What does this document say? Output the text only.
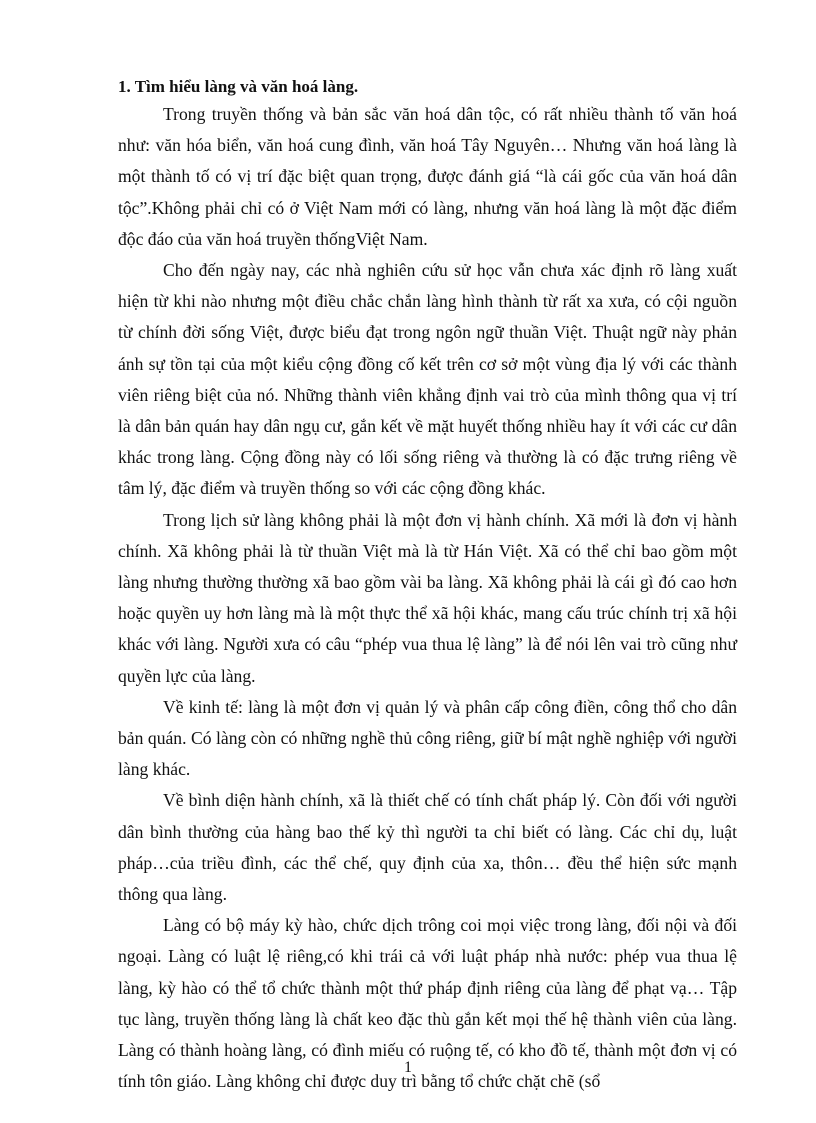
1. Tìm hiểu làng và văn hoá làng.

Trong truyền thống và bản sắc văn hoá dân tộc, có rất nhiều thành tố văn hoá như: văn hóa biển, văn hoá cung đình, văn hoá Tây Nguyên… Nhưng văn hoá làng là một thành tố có vị trí đặc biệt quan trọng, được đánh giá “là cái gốc của văn hoá dân tộc”.Không phải chỉ có ở Việt Nam mới có làng, nhưng văn hoá làng là một đặc điểm độc đáo của văn hoá truyền thốngViệt Nam.

Cho đến ngày nay, các nhà nghiên cứu sử học vẫn chưa xác định rõ làng xuất hiện từ khi nào nhưng một điều chắc chắn làng hình thành từ rất xa xưa, có cội nguồn từ chính đời sống Việt, được biểu đạt trong ngôn ngữ thuần Việt. Thuật ngữ này phản ánh sự tồn tại của một kiểu cộng đồng cố kết trên cơ sở một vùng địa lý với các thành viên riêng biệt của nó. Những thành viên khẳng định vai trò của mình thông qua vị trí là dân bản quán hay dân ngụ cư, gắn kết về mặt huyết thống nhiều hay ít với các cư dân khác trong làng. Cộng đồng này có lối sống riêng và thường là có đặc trưng riêng về tâm lý, đặc điểm và truyền thống so với các cộng đồng khác.

Trong lịch sử làng không phải là một đơn vị hành chính. Xã mới là đơn vị hành chính. Xã không phải là từ thuần Việt mà là từ Hán Việt. Xã có thể chỉ bao gồm một làng nhưng thường thường xã bao gồm vài ba làng. Xã không phải là cái gì đó cao hơn hoặc quyền uy hơn làng mà là một thực thể xã hội khác, mang cấu trúc chính trị xã hội khác với làng. Người xưa có câu “phép vua thua lệ làng” là để nói lên vai trò cũng như quyền lực của làng.

Về kinh tế: làng là một đơn vị quản lý và phân cấp công điền, công thổ cho dân bản quán. Có làng còn có những nghề thủ công riêng, giữ bí mật nghề nghiệp với người làng khác.

Về bình diện hành chính, xã là thiết chế có tính chất pháp lý. Còn đối với người dân bình thường của hàng bao thế kỷ thì người ta chỉ biết có làng. Các chỉ dụ, luật pháp…của triều đình, các thể chế, quy định của xa, thôn… đều thể hiện sức mạnh thông qua làng.

Làng có bộ máy kỳ hào, chức dịch trông coi mọi việc trong làng, đối nội và đối ngoại. Làng có luật lệ riêng,có khi trái cả với luật pháp nhà nước: phép vua thua lệ làng, kỳ hào có thể tổ chức thành một thứ pháp định riêng của làng để phạt vạ… Tập tục làng, truyền thống làng là chất keo đặc thù gắn kết mọi thế hệ thành viên của làng. Làng có thành hoàng làng, có đình miếu có ruộng tế, có kho đồ tế, thành một đơn vị có tính tôn giáo. Làng không chỉ được duy trì bằng tổ chức chặt chẽ (sổ

1
